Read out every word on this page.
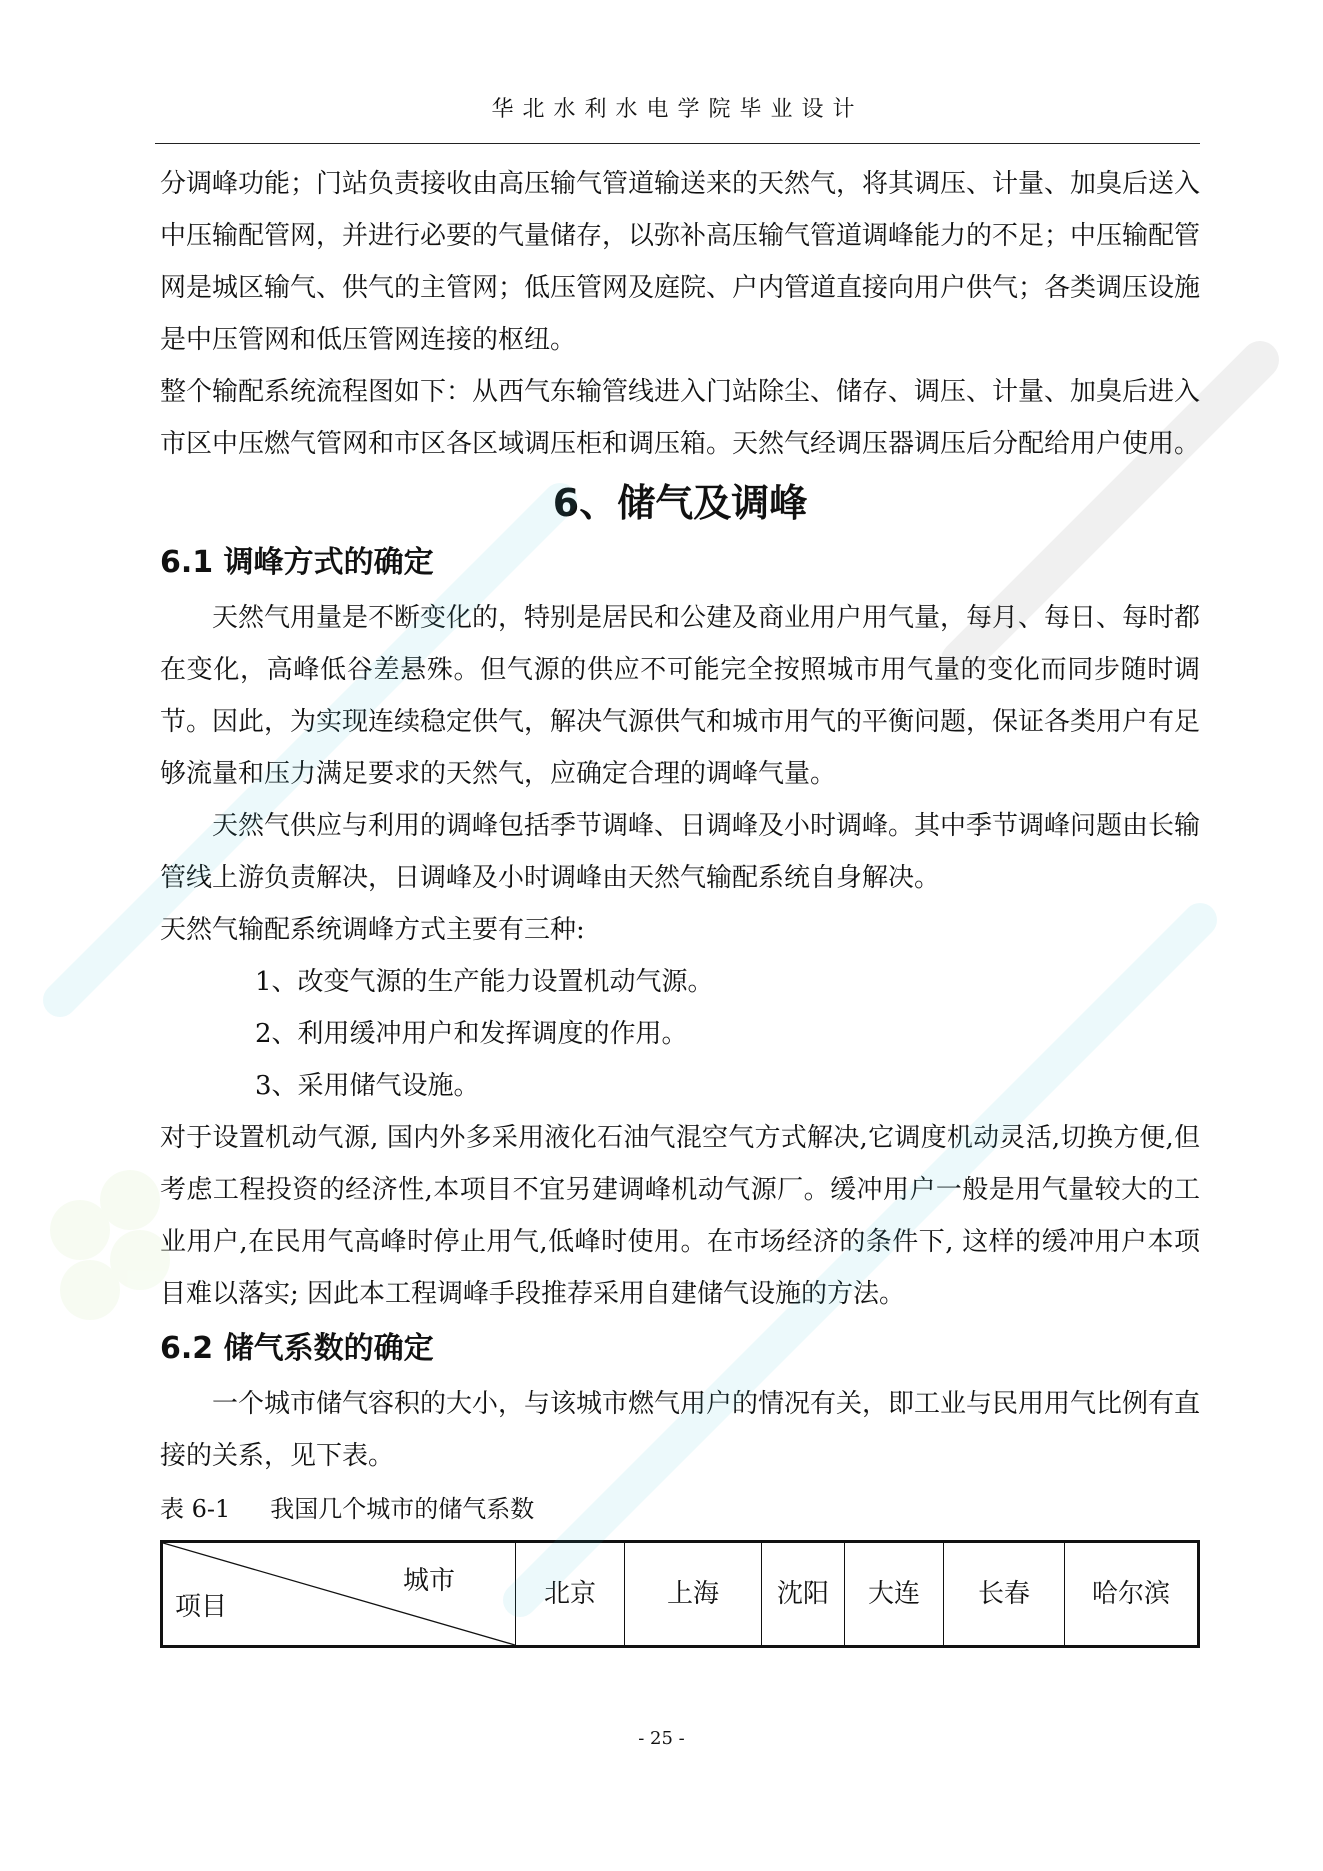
华北水利水电学院毕业设计

分调峰功能；门站负责接收由高压输气管道输送来的天然气，将其调压、计量、加臭后送入中压输配管网，并进行必要的气量储存，以弥补高压输气管道调峰能力的不足；中压输配管网是城区输气、供气的主管网；低压管网及庭院、户内管道直接向用户供气；各类调压设施是中压管网和低压管网连接的枢纽。

整个输配系统流程图如下：从西气东输管线进入门站除尘、储存、调压、计量、加臭后进入市区中压燃气管网和市区各区域调压柜和调压箱。天然气经调压器调压后分配给用户使用。

6、储气及调峰
6.1 调峰方式的确定

天然气用量是不断变化的，特别是居民和公建及商业用户用气量，每月、每日、每时都在变化，高峰低谷差悬殊。但气源的供应不可能完全按照城市用气量的变化而同步随时调节。因此，为实现连续稳定供气，解决气源供气和城市用气的平衡问题，保证各类用户有足够流量和压力满足要求的天然气，应确定合理的调峰气量。

天然气供应与利用的调峰包括季节调峰、日调峰及小时调峰。其中季节调峰问题由长输管线上游负责解决，日调峰及小时调峰由天然气输配系统自身解决。

天然气输配系统调峰方式主要有三种:

1、改变气源的生产能力设置机动气源。

2、利用缓冲用户和发挥调度的作用。

3、采用储气设施。

对于设置机动气源, 国内外多采用液化石油气混空气方式解决,它调度机动灵活,切换方便,但考虑工程投资的经济性,本项目不宜另建调峰机动气源厂。缓冲用户一般是用气量较大的工业用户,在民用气高峰时停止用气,低峰时使用。在市场经济的条件下, 这样的缓冲用户本项目难以落实; 因此本工程调峰手段推荐采用自建储气设施的方法。

6.2 储气系数的确定

一个城市储气容积的大小，与该城市燃气用户的情况有关，即工业与民用用气比例有直接的关系，见下表。

表 6-1 我国几个城市的储气系数

城市
项目	北京	上海	沈阳	大连	长春	哈尔滨
- 25 -
